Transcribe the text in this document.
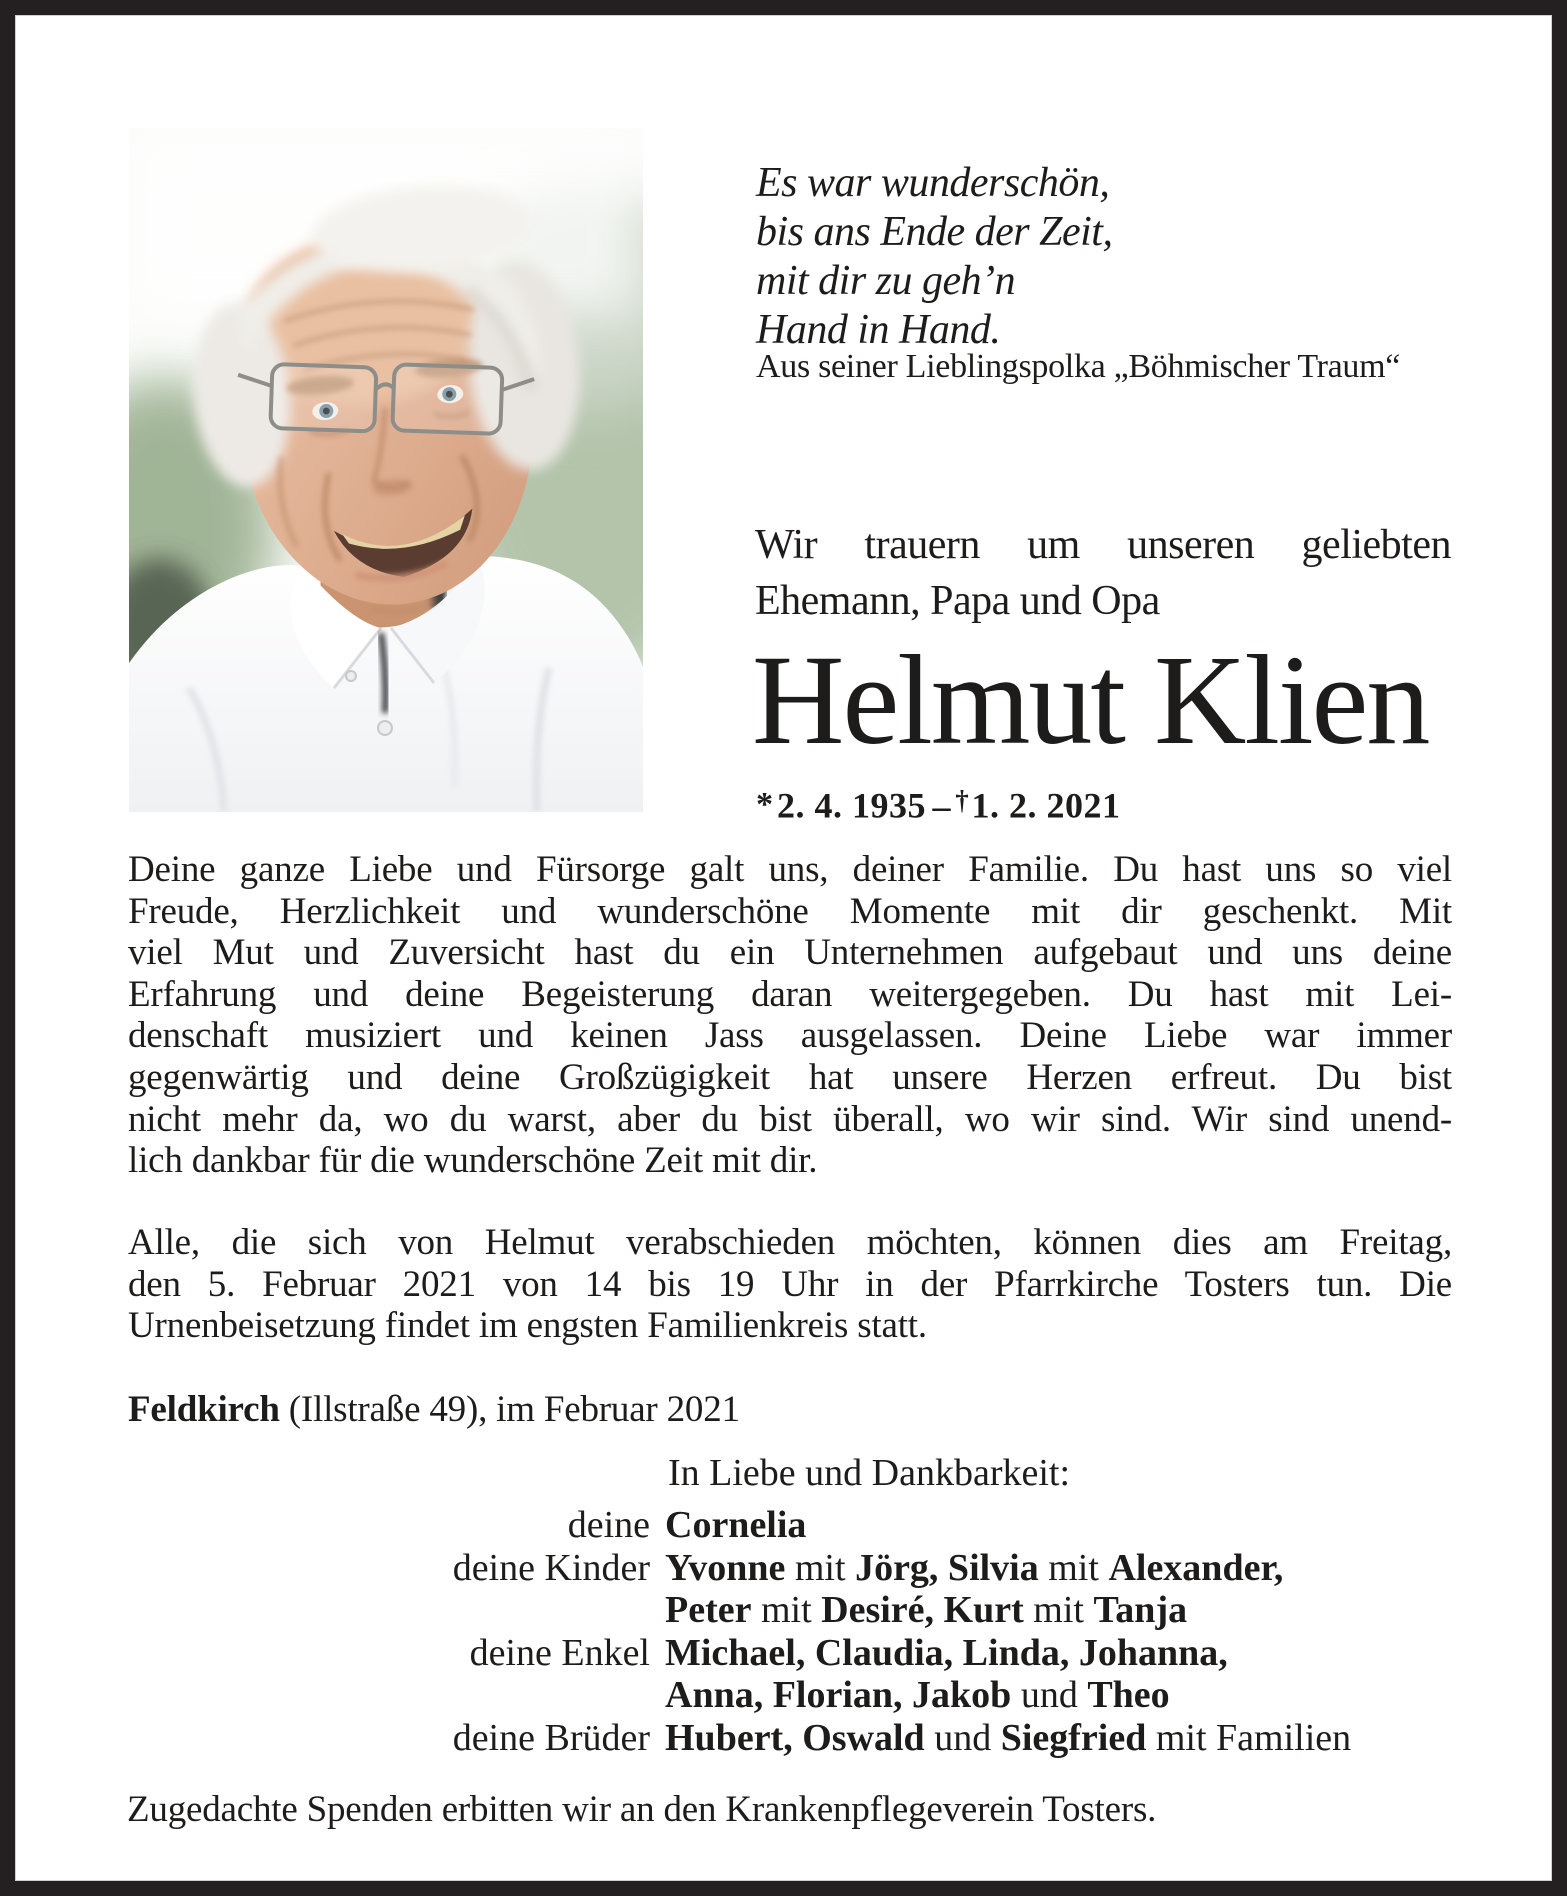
Es war wunderschön,
bis ans Ende der Zeit,
mit dir zu geh’n
Hand in Hand.
Aus seiner Lieblingspolka „Böhmischer Traum“
Wir trauern um unseren geliebten
Ehemann, Papa und Opa
Helmut Klien
*2. 4. 1935 – †1. 2. 2021
Deine ganze Liebe und Fürsorge galt uns, deiner Familie. Du hast uns so viel
Freude, Herzlichkeit und wunderschöne Momente mit dir geschenkt. Mit
viel Mut und Zuversicht hast du ein Unternehmen aufgebaut und uns deine
Erfahrung und deine Begeisterung daran weitergegeben. Du hast mit Lei-
denschaft musiziert und keinen Jass ausgelassen. Deine Liebe war immer
gegenwärtig und deine Großzügigkeit hat unsere Herzen erfreut. Du bist
nicht mehr da, wo du warst, aber du bist überall, wo wir sind. Wir sind unend-
lich dankbar für die wunderschöne Zeit mit dir.
Alle, die sich von Helmut verabschieden möchten, können dies am Freitag,
den 5. Februar 2021 von 14 bis 19 Uhr in der Pfarrkirche Tosters tun. Die
Urnenbeisetzung findet im engsten Familienkreis statt.
Feldkirch (Illstraße 49), im Februar 2021
In Liebe und Dankbarkeit:
deine Cornelia
deine Kinder Yvonne mit Jörg, Silvia mit Alexander,
Peter mit Desiré, Kurt mit Tanja
deine Enkel Michael, Claudia, Linda, Johanna,
Anna, Florian, Jakob und Theo
deine Brüder Hubert, Oswald und Siegfried mit Familien
Zugedachte Spenden erbitten wir an den Krankenpflegeverein Tosters.
